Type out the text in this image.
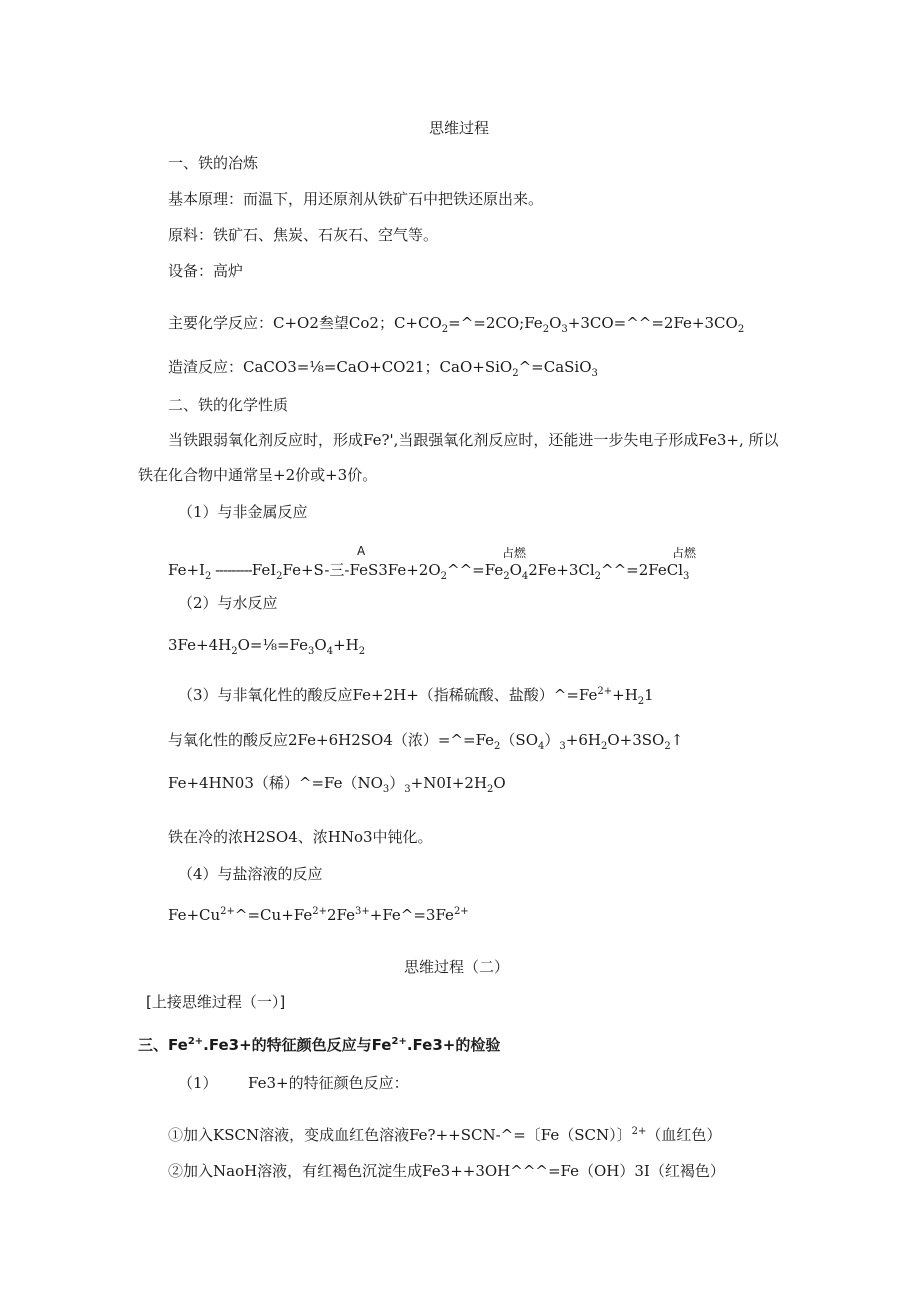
思维过程
一、铁的冶炼
基本原理：而温下，用还原剂从铁矿石中把铁还原出来。
原料：铁矿石、焦炭、石灰石、空气等。
设备：高炉
主要化学反应：C+O2叁望Co2；$C+CO_2=\^{}=2CO;Fe_2O_3+3CO=\^{}\^{}=2Fe+3CO_2$
造渣反应：CaCO3=⅛=CaO+CO21；CaO+SiO$_2$^=CaSiO$_3$
二、铁的化学性质
当铁跟弱氧化剂反应时，形成Fe?',当跟强氧化剂反应时，还能进一步失电子形成Fe3+, 所以
铁在化合物中通常呈+2价或+3价。
（1）与非金属反应
A	占燃	占燃
$Fe+I_2$ ---------FeI$_2$Fe+S-三$-FeS3Fe+2O_2\^{}\^{}=Fe_2O_42Fe+3Cl_2\^{}\^{}=2FeCl_3$
（2）与水反应
$3Fe+4H_2O=\frac{1}{8}=Fe_3O_4+H_2$
（3）与非氧化性的酸反应Fe+2H+（指稀硫酸、盐酸）$\^{}=Fe^{2+}+H_21$
与氧化性的酸反应2Fe+6H2SO4（浓）$=\^{}=Fe_2(SO_4)_3+6H_2O+3SO_2↑$
Fe+4HN03（稀）$\^{}=Fe(NO_3)_3+N0I+2H_2O$
铁在冷的浓H2SO4、浓HNo3中钝化。
（4）与盐溶液的反应
$Fe+Cu^{2+}\^{}=Cu+Fe^{2+}2Fe^{3+}+Fe\^{}=3Fe^{2+}$
思维过程（二）
[上接思维过程（一）]
三、$Fe^{2+}.Fe3+$的特征颜色反应与$Fe^{2+}.Fe3+$的检验
（1） Fe3+的特征颜色反应：
①加入KSCN溶液，变成血红色溶液Fe?++SCN-^=〔Fe（SCN）〕$^{2+}$（血红色）
②加入NaoH溶液，有红褐色沉淀生成Fe3++3OH^^^=Fe（OH）3I（红褐色）
